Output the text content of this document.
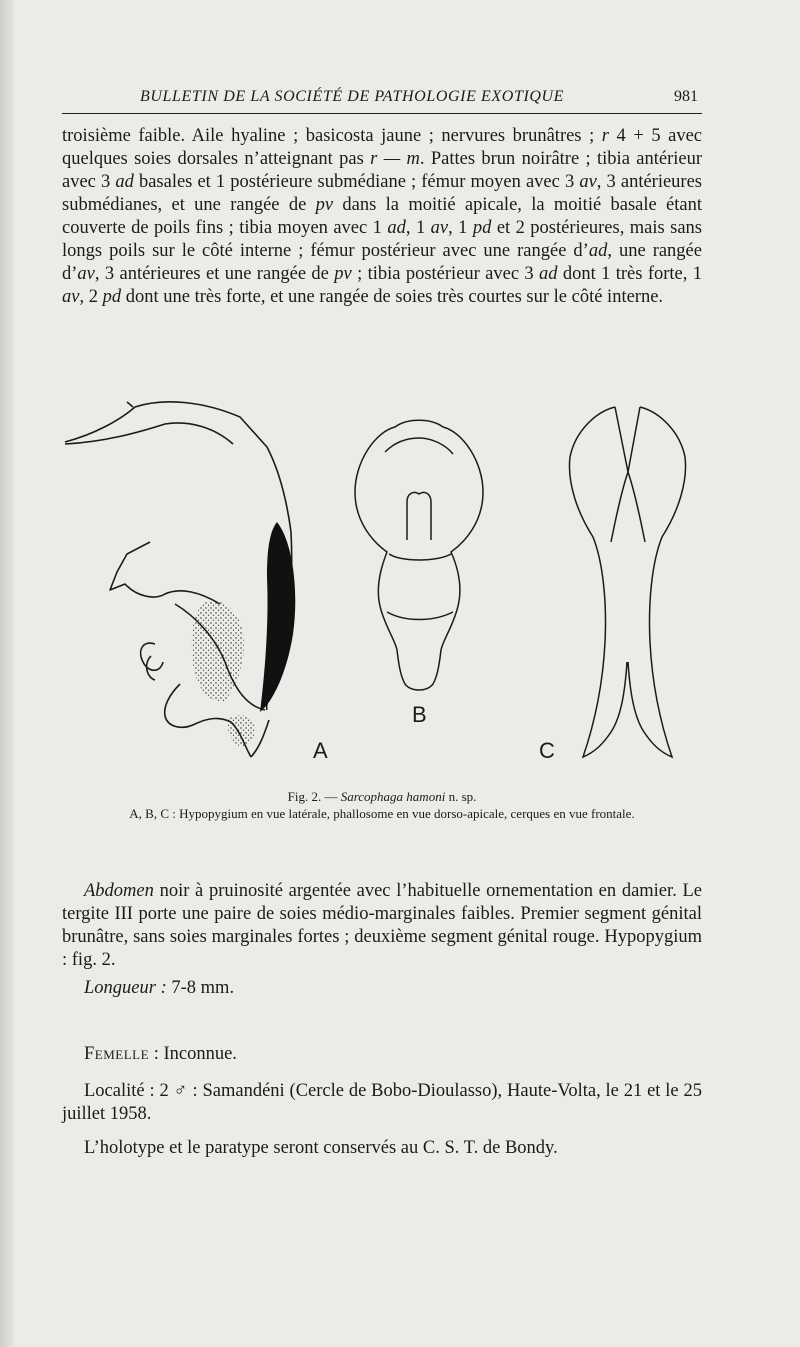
BULLETIN DE LA SOCIÉTÉ DE PATHOLOGIE EXOTIQUE	981

troisième faible. Aile hyaline ; basicosta jaune ; nervures brunâtres ; r 4 + 5 avec quelques soies dorsales n’atteignant pas r — m. Pattes brun noirâtre ; tibia antérieur avec 3 ad basales et 1 postérieure submédiane ; fémur moyen avec 3 av, 3 antérieures submédianes, et une rangée de pv dans la moitié apicale, la moitié basale étant couverte de poils fins ; tibia moyen avec 1 ad, 1 av, 1 pd et 2 postérieures, mais sans longs poils sur le côté interne ; fémur postérieur avec une rangée d’ad, une rangée d’av, 3 antérieures et une rangée de pv ; tibia postérieur avec 3 ad dont 1 très forte, 1 av, 2 pd dont une très forte, et une rangée de soies très courtes sur le côté interne.

A
B
C
Fig. 2. — Sarcophaga hamoni n. sp.
A, B, C : Hypopygium en vue latérale, phallosome en vue dorso-apicale, cerques en vue frontale.

Abdomen noir à pruinosité argentée avec l’habituelle ornementation en damier. Le tergite III porte une paire de soies médio-marginales faibles. Premier segment génital brunâtre, sans soies marginales fortes ; deuxième segment génital rouge. Hypopygium : fig. 2.

Longueur : 7-8 mm.

Femelle : Inconnue.

Localité : 2 ♂ : Samandéni (Cercle de Bobo-Dioulasso), Haute-Volta, le 21 et le 25 juillet 1958.

L’holotype et le paratype seront conservés au C. S. T. de Bondy.
